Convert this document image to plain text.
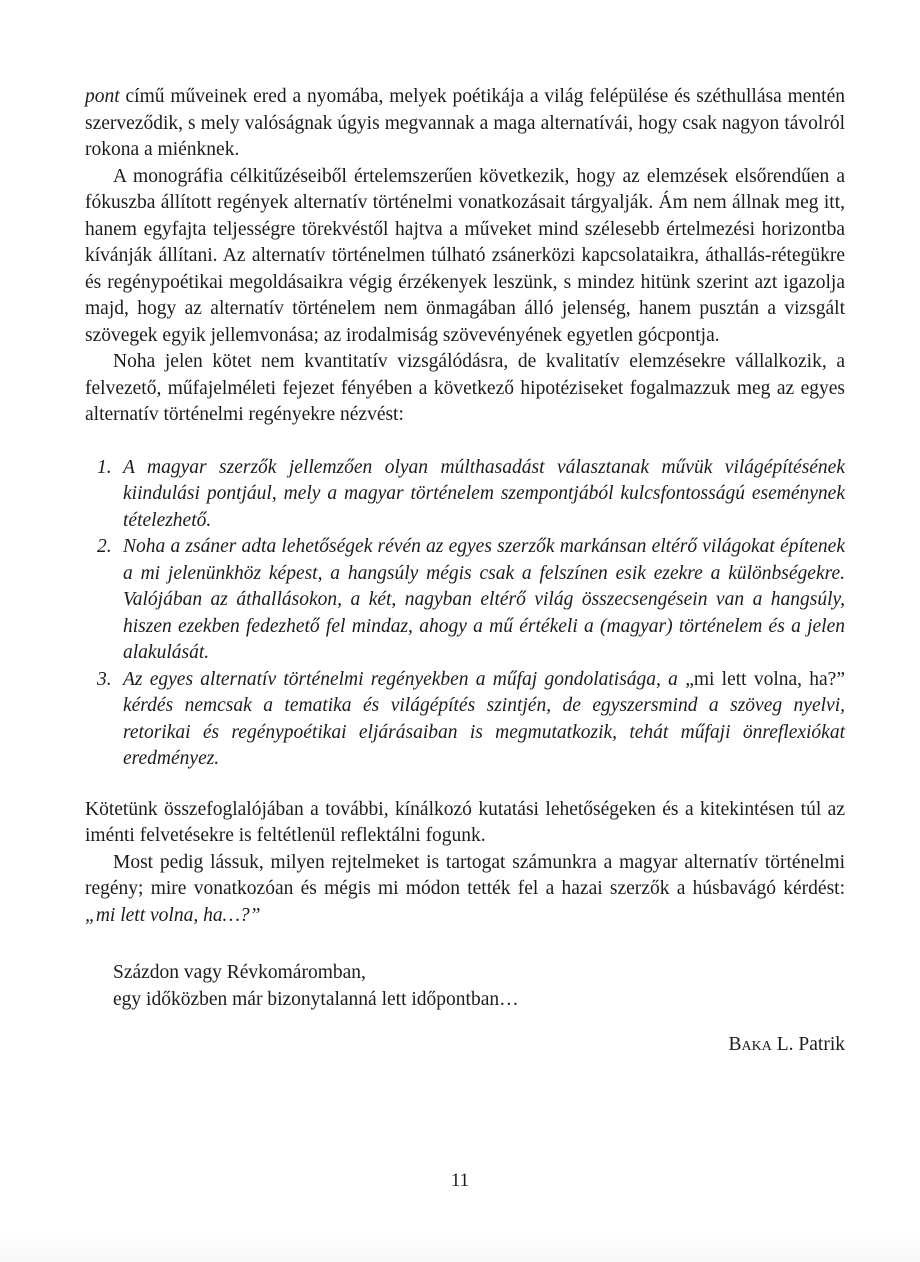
pont című műveinek ered a nyomába, melyek poétikája a világ felépülése és széthullása mentén szerveződik, s mely valóságnak úgyis megvannak a maga alternatívái, hogy csak nagyon távolról rokona a miénknek.

A monográfia célkitűzéseiből értelemszerűen következik, hogy az elemzések elsőrendűen a fókuszba állított regények alternatív történelmi vonatkozásait tárgyalják. Ám nem állnak meg itt, hanem egyfajta teljességre törekvéstől hajtva a műveket mind szélesebb értelmezési horizontba kívánják állítani. Az alternatív történelmen túlható zsánerközi kapcsolataikra, áthallás-rétegükre és regénypoétikai megoldásaikra végig érzékenyek leszünk, s mindez hitünk szerint azt igazolja majd, hogy az alternatív történelem nem önmagában álló jelenség, hanem pusztán a vizsgált szövegek egyik jellemvonása; az irodalmiság szövevényének egyetlen gócpontja.

Noha jelen kötet nem kvantitatív vizsgálódásra, de kvalitatív elemzésekre vállalkozik, a felvezető, műfajelméleti fejezet fényében a következő hipotéziseket fogalmazzuk meg az egyes alternatív történelmi regényekre nézvést:

1. A magyar szerzők jellemzően olyan múlthasadást választanak művük világépítésének kiindulási pontjául, mely a magyar történelem szempontjából kulcsfontosságú eseménynek tételezhető.
2. Noha a zsáner adta lehetőségek révén az egyes szerzők markánsan eltérő világokat építenek a mi jelenünkhöz képest, a hangsúly mégis csak a felszínen esik ezekre a különbségekre. Valójában az áthallásokon, a két, nagyban eltérő világ összecsengésein van a hangsúly, hiszen ezekben fedezhető fel mindaz, ahogy a mű értékeli a (magyar) történelem és a jelen alakulását.
3. Az egyes alternatív történelmi regényekben a műfaj gondolatisága, a „mi lett volna, ha?” kérdés nemcsak a tematika és világépítés szintjén, de egyszersmind a szöveg nyelvi, retorikai és regénypoétikai eljárásaiban is megmutatkozik, tehát műfaji önreflexiókat eredményez.

Kötetünk összefoglalójában a további, kínálkozó kutatási lehetőségeken és a kitekintésen túl az iménti felvetésekre is feltétlenül reflektálni fogunk.

Most pedig lássuk, milyen rejtelmeket is tartogat számunkra a magyar alternatív történelmi regény; mire vonatkozóan és mégis mi módon tették fel a hazai szerzők a húsbavágó kérdést: „mi lett volna, ha…?”

Százdon vagy Révkomáromban,
egy időközben már bizonytalanná lett időpontban…
Baka L. Patrik
11
